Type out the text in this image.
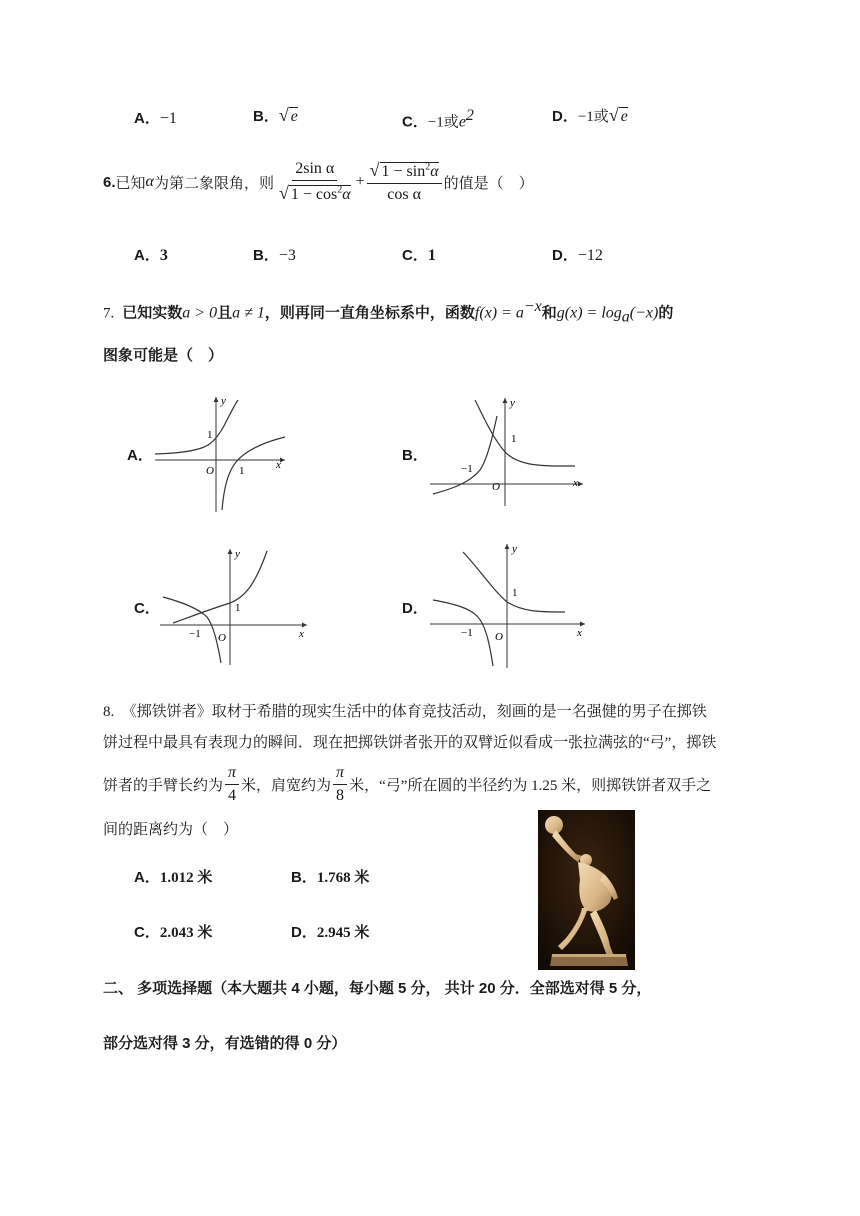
A．−1	B．√ e	C．−1或$e^2$	D．−1或√ e
6. 已知 α 为第二象限角，则 $\frac{\text{2sin α}}{√ 1 - \cos^2\alpha} + \frac{√ 1 - \sin^2\alpha}{\text{cos α}}$ 的值是（　）
A．3	B．−3	C．1	D．−12
7. 已知实数a > 0且a ≠ 1，则再同一直角坐标系中，函数$f(x) = a^{-x}$和$g(x) = \log_a(-x)$的
图象可能是（　）
A．
1
O 1	x
y
B．
1
−1
O	x
y
C．	1
−1 O	x
y
D．
1
−1 O	x
y
8.　《掷铁饼者》取材于希腊的现实生活中的体育竞技活动，刻画的是一名强健的男子在掷铁
饼过程中最具有表现力的瞬间．现在把掷铁饼者张开的双臂近似看成一张拉满弦的“弓”，掷铁
饼者的手臂长约为 $\frac{\pi}{4}$ 米，肩宽约为 $\frac{\pi}{8}$ 米，“弓”所在圆的半径约为 1.25 米，则掷铁饼者双手之
间的距离约为（　）
A．1.012 米	B．1.768 米
C．2.043 米	D．2.945 米
二、 多项选择题（本大题共 4 小题，每小题 5 分， 共计 20 分．全部选对得 5 分，
部分选对得 3 分，有选错的得 0 分）
